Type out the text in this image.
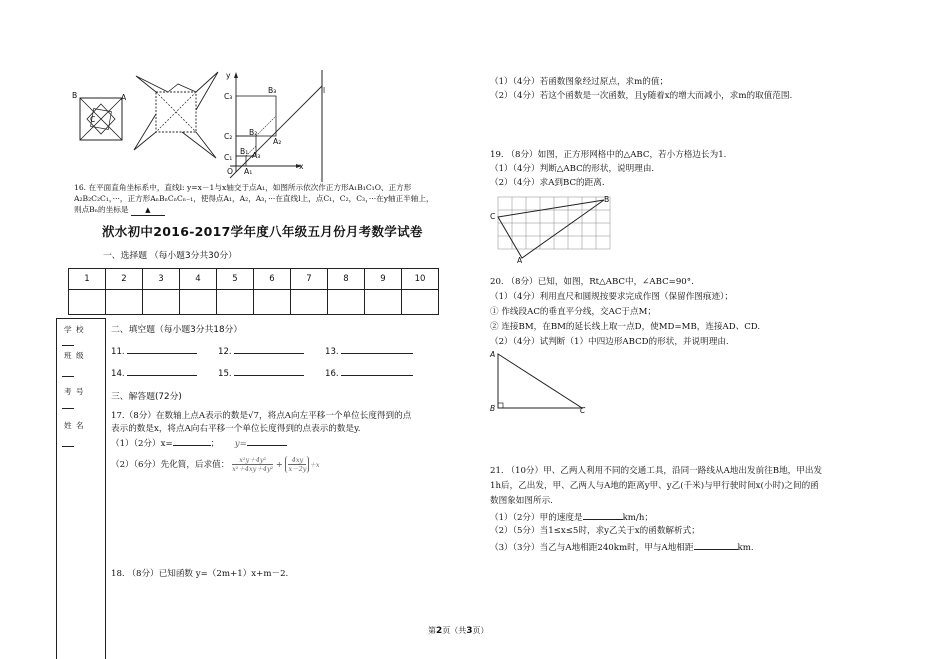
B	A
C
y
x
l
O
C₃
B₃
C₂ B₂
A₂
C₁
B₁
A₁
A₃
16. 在平面直角坐标系中，直线l: y=x－1与x轴交于点A₁，如图所示依次作正方形A₁B₁C₁O、正方形
A₂B₂C₂C₁，···，正方形AₙBₙCₙCₙ₋₁，使得点A₁，A₂，A₃，···在直线l上，点C₁，C₂，C₃，···在y轴正半轴上，
则点Bₙ的坐标是 ▲
洑水初中2016-2017学年度八年级五月份月考数学试卷
一、选择题 （每小题3分共30分）
1	2	3	4	5	6	7	8	9	10

学 校
班 级
考 号
姓 名
二、填空题（每小题3分共18分）
11.	12.	13.
14.	15.	16.
三、解答题(72分)
17.（8分）在数轴上点A表示的数是√7，将点A向左平移一个单位长度得到的点
表示的数是x，将点A向右平移一个单位长度得到的点表示的数是y.
（1）（2分）x=	； y=
（2）（6分）先化简，后求值： $\frac{\text{x²y＋4y²}}{\text{x²＋4xy＋4y²}} \div \frac{4xy}{x-2y} +x$
18. （8分）已知函数 y=（2m+1）x+m－2.
第2页（共3页）
（1）（4分）若函数图象经过原点，求m的值；
（2）（4分）若这个函数是一次函数，且y随着x的增大而减小，求m的取值范围.
19. （8分）如图，正方形网格中的△ABC，若小方格边长为1.
（1）（4分）判断△ABC的形状，说明理由.
（2）（4分）求A到BC的距离.
C
B
A
20. （8分）已知，如图，Rt△ABC中，∠ABC=90°.
（1）（4分）利用直尺和圆规按要求完成作图（保留作图痕迹）；
① 作线段AC的垂直平分线，交AC于点M；
② 连接BM，在BM的延长线上取一点D，使MD=MB，连接AD、CD.
（2）（4分）试判断（1）中四边形ABCD的形状，并说明理由.
A
B	C
21. （10分）甲、乙两人利用不同的交通工具，沿同一路线从A地出发前往B地，甲出发
1h后，乙出发，甲、乙两人与A地的距离y甲、y乙(千米)与甲行驶时间x(小时)之间的函
数图象如图所示.
（1）（2分）甲的速度是	km/h；
（2）（5分）当1≤x≤5时，求y乙关于x的函数解析式；
（3）（3分）当乙与A地相距240km时，甲与A地相距	km.
